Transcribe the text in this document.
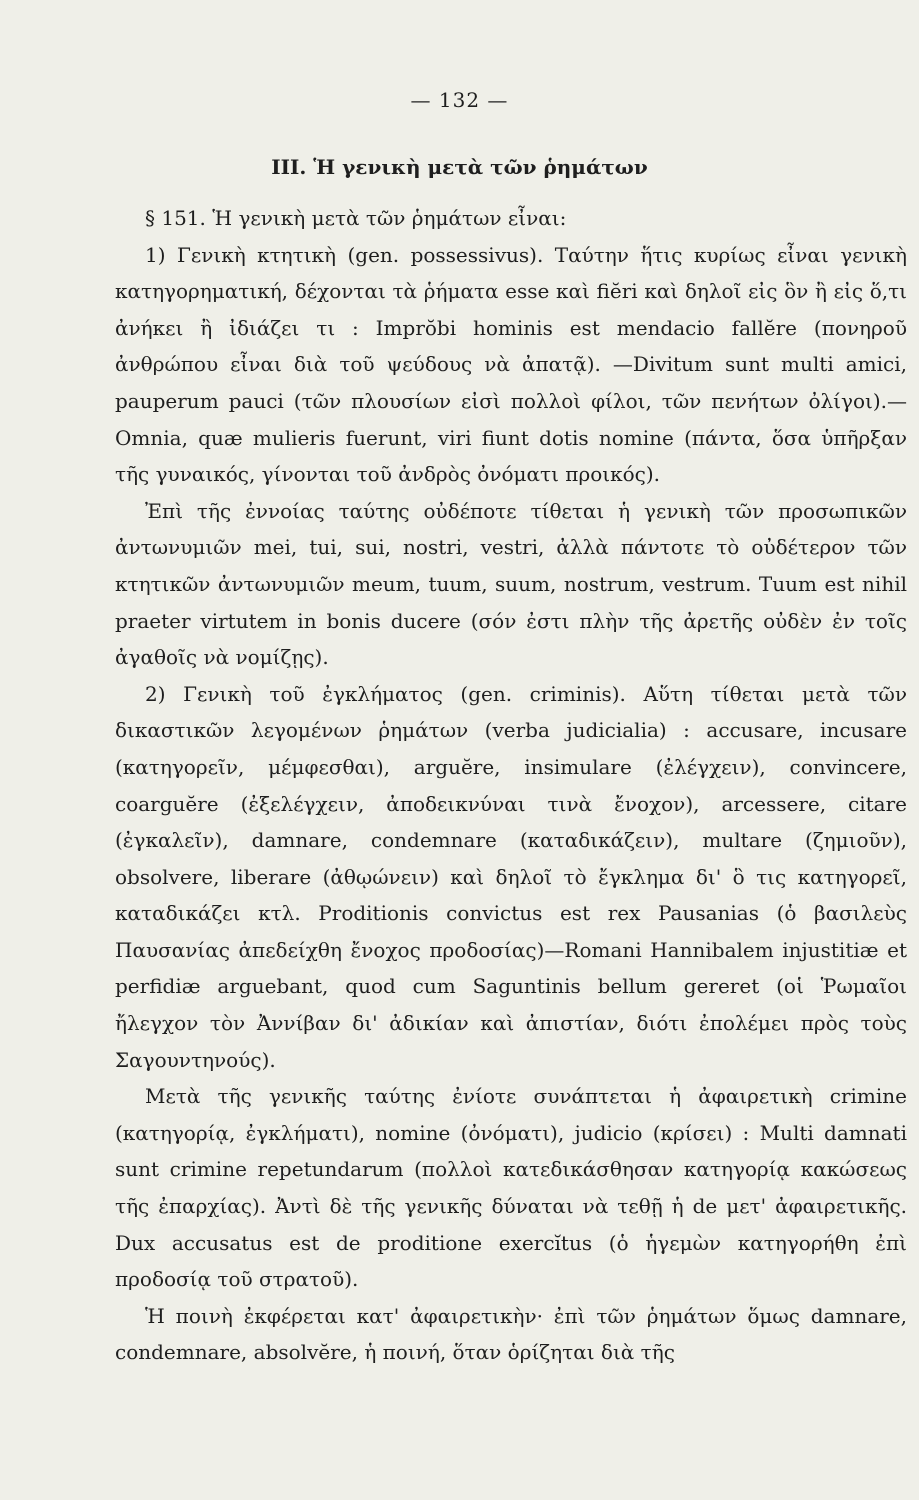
— 132 —
ΙΙΙ. Ἡ γενικὴ μετὰ τῶν ῥημάτων

§ 151. Ἡ γενικὴ μετὰ τῶν ῥημάτων εἶναι:

1) Γενικὴ κτητικὴ (gen. possessivus). Ταύτην ἥτις κυρίως εἶναι γενικὴ κατηγορηματική, δέχονται τὰ ῥήματα esse καὶ fiĕri καὶ δηλοῖ εἰς ὃν ἢ εἰς ὅ,τι ἀνήκει ἢ ἰδιάζει τι : Imprŏbi hominis est mendacio fallĕre (πονηροῦ ἀνθρώπου εἶναι διὰ τοῦ ψεύδους νὰ ἀπατᾷ). —Divitum sunt multi amici, pauperum pauci (τῶν πλουσίων εἰσὶ πολλοὶ φίλοι, τῶν πενήτων ὀλίγοι).—Omnia, quæ mulieris fuerunt, viri fiunt dotis nomine (πάντα, ὅσα ὑπῆρξαν τῆς γυναικός, γίνονται τοῦ ἀνδρὸς ὀνόματι προικός).

Ἐπὶ τῆς ἐννοίας ταύτης οὐδέποτε τίθεται ἡ γενικὴ τῶν προσωπικῶν ἀντωνυμιῶν mei, tui, sui, nostri, vestri, ἀλλὰ πάντοτε τὸ οὐδέτερον τῶν κτητικῶν ἀντωνυμιῶν meum, tuum, suum, nostrum, vestrum. Tuum est nihil praeter virtutem in bonis ducere (σόν ἐστι πλὴν τῆς ἀρετῆς οὐδὲν ἐν τοῖς ἀγαθοῖς νὰ νομίζῃς).

2) Γενικὴ τοῦ ἐγκλήματος (gen. criminis). Αὕτη τίθεται μετὰ τῶν δικαστικῶν λεγομένων ῥημάτων (verba judicialia) : accusare, incusare (κατηγορεῖν, μέμφεσθαι), arguĕre, insimulare (ἐλέγχειν), convincere, coarguĕre (ἐξελέγχειν, ἀποδεικνύναι τινὰ ἔνοχον), arcessere, citare (ἐγκαλεῖν), damnare, condemnare (καταδικάζειν), multare (ζημιοῦν), obsolvere, liberare (ἀθῳώνειν) καὶ δηλοῖ τὸ ἔγκλημα δι' ὃ τις κατηγορεῖ, καταδικάζει κτλ. Proditionis convictus est rex Pausanias (ὁ βασιλεὺς Παυσανίας ἀπεδείχθη ἔνοχος προδοσίας)—Romani Hannibalem injustitiæ et perfidiæ arguebant, quod cum Saguntinis bellum gereret (οἱ Ῥωμαῖοι ἤλεγχον τὸν Ἀννίβαν δι' ἀδικίαν καὶ ἀπιστίαν, διότι ἐπολέμει πρὸς τοὺς Σαγουντηνούς).

Μετὰ τῆς γενικῆς ταύτης ἐνίοτε συνάπτεται ἡ ἀφαιρετικὴ crimine (κατηγορίᾳ, ἐγκλήματι), nomine (ὀνόματι), judicio (κρίσει) : Multi damnati sunt crimine repetundarum (πολλοὶ κατεδικάσθησαν κατηγορίᾳ κακώσεως τῆς ἐπαρχίας). Ἀντὶ δὲ τῆς γενικῆς δύναται νὰ τεθῇ ἡ de μετ' ἀφαιρετικῆς. Dux accusatus est de proditione exercĭtus (ὁ ἡγεμὼν κατηγορήθη ἐπὶ προδοσίᾳ τοῦ στρατοῦ).

Ἡ ποινὴ ἐκφέρεται κατ' ἀφαιρετικὴν· ἐπὶ τῶν ῥημάτων ὅμως damnare, condemnare, absolvĕre, ἡ ποινή, ὅταν ὁρίζηται διὰ τῆς
